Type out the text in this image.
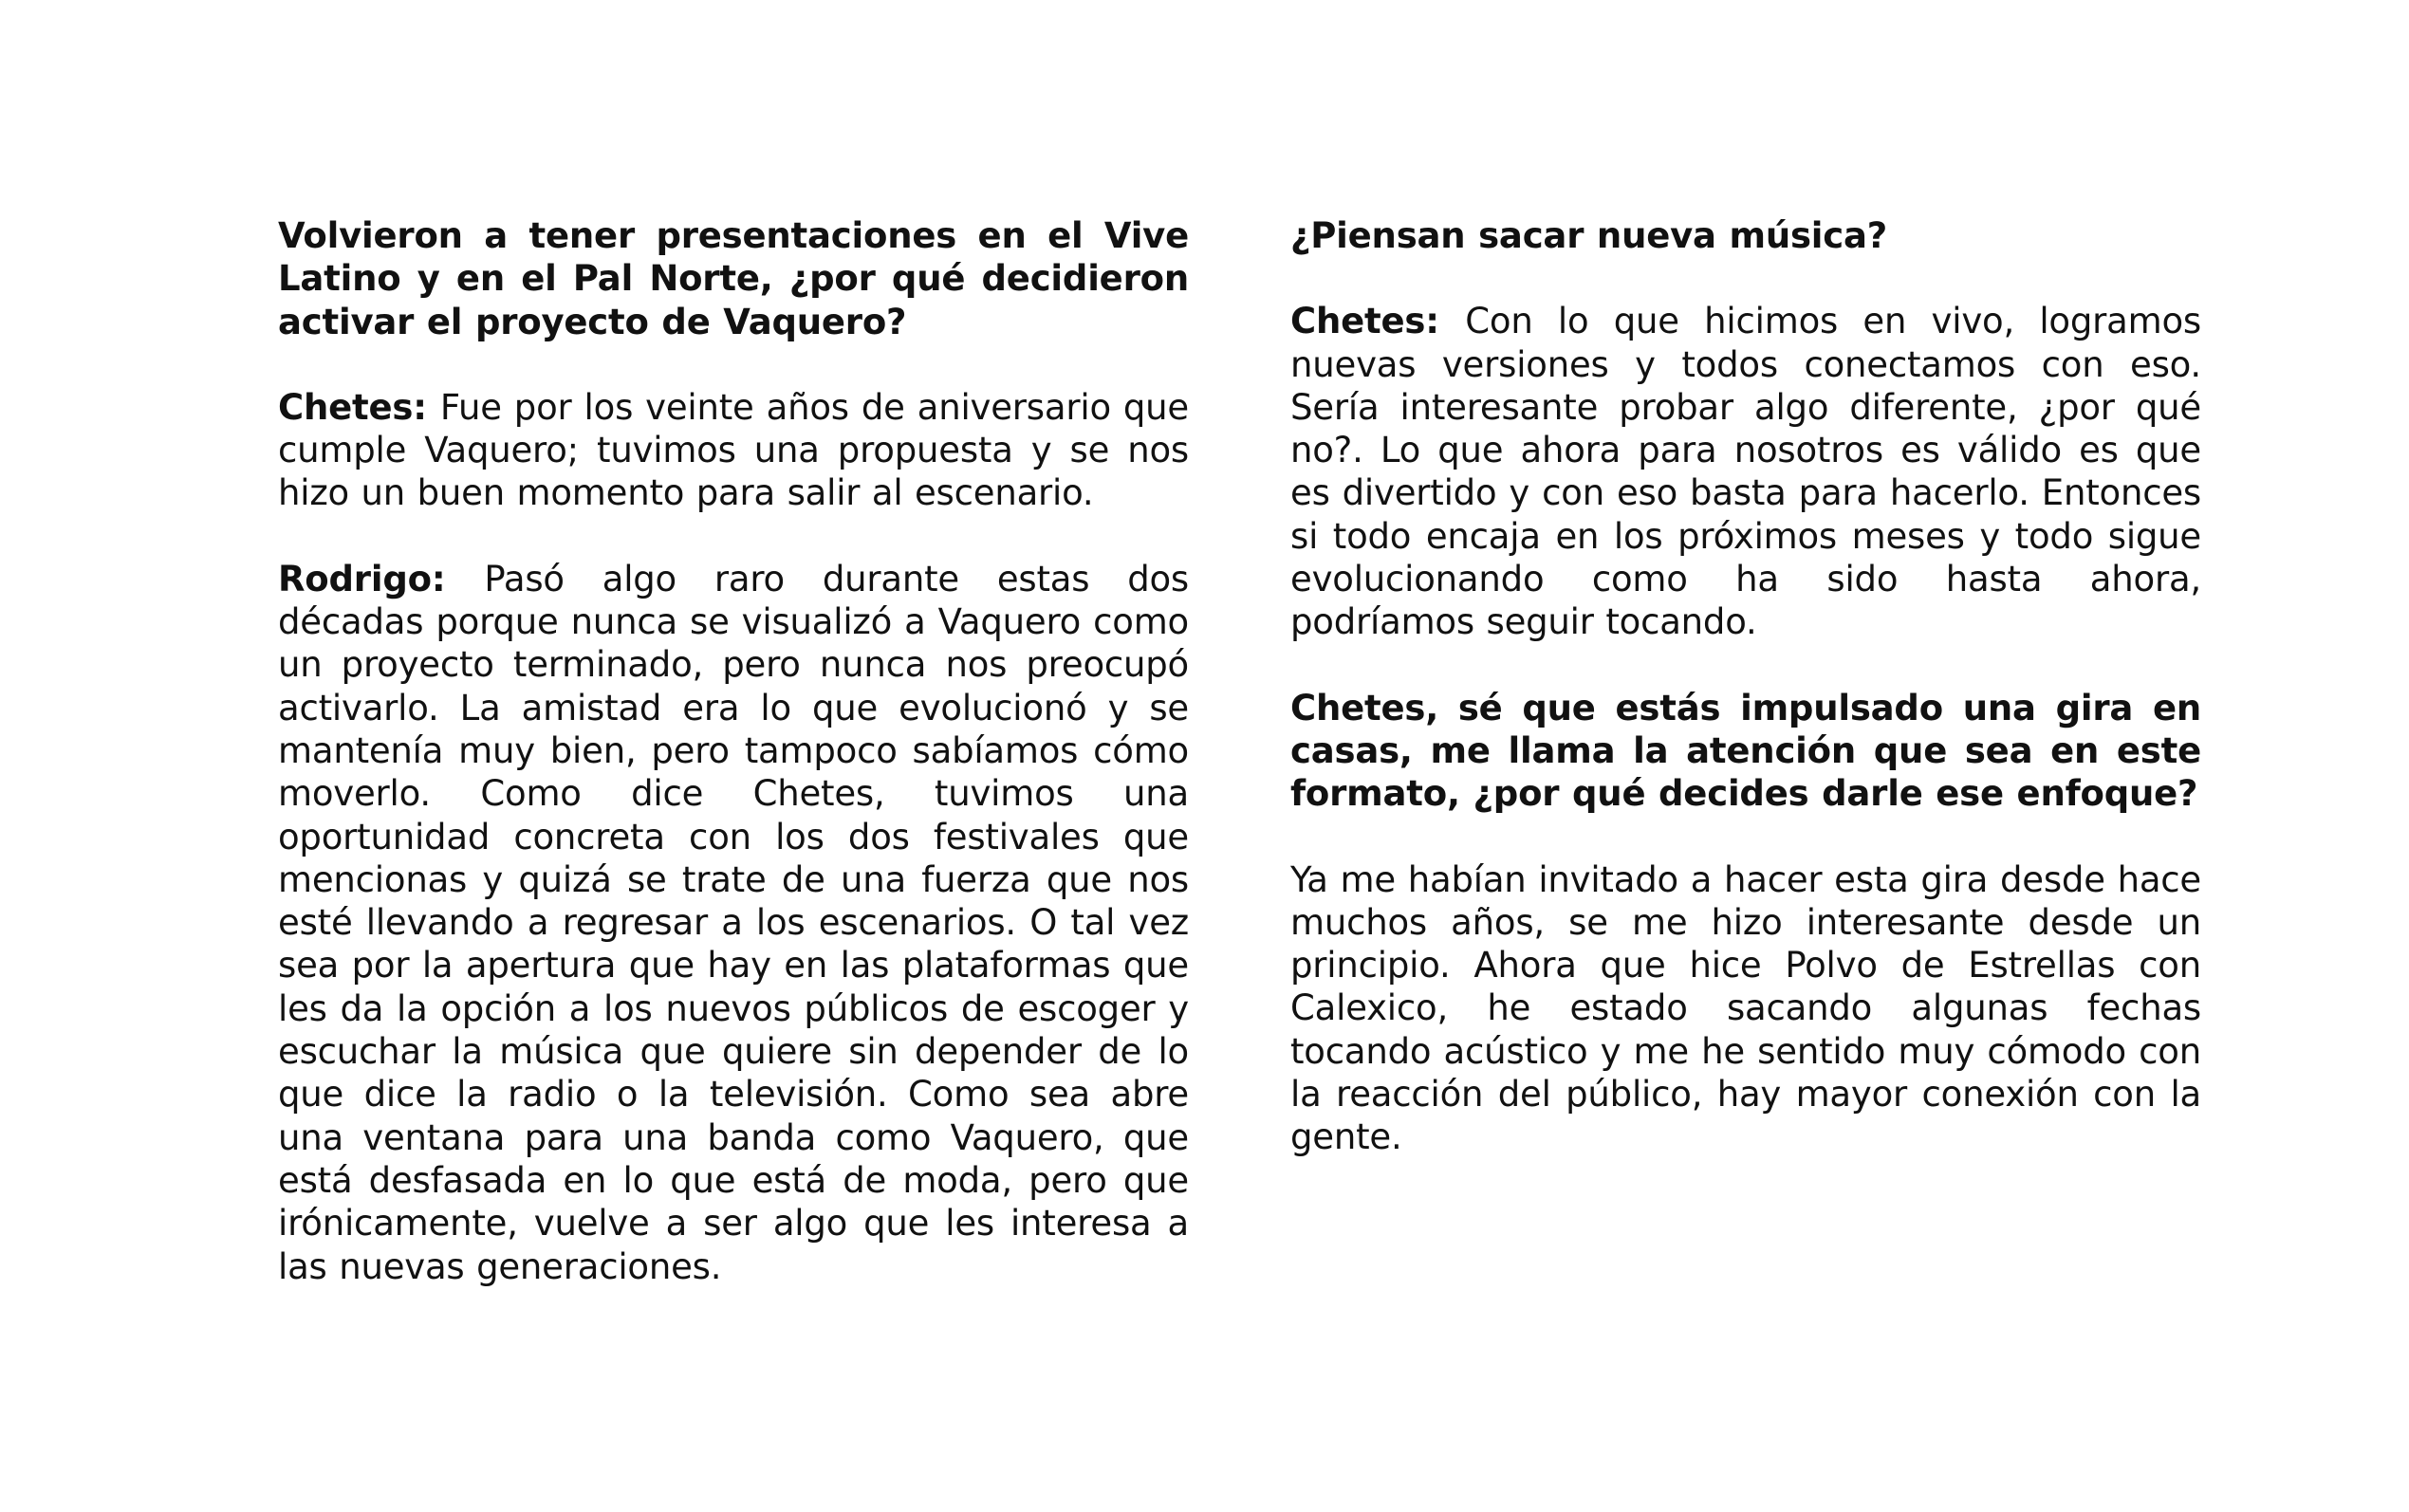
Volvieron a tener presentaciones en el Vive Latino y en el Pal Norte, ¿por qué decidieron activar el proyecto de Vaquero?

Chetes: Fue por los veinte años de aniversario que cumple Vaquero; tuvimos una propuesta y se nos hizo un buen momento para salir al escenario.

Rodrigo: Pasó algo raro durante estas dos décadas porque nunca se visualizó a Vaquero como un proyecto terminado, pero nunca nos preocupó activarlo. La amistad era lo que evolucionó y se mantenía muy bien, pero tampoco sabíamos cómo moverlo. Como dice Chetes, tuvimos una oportunidad concreta con los dos festivales que mencionas y quizá se trate de una fuerza que nos esté llevando a regresar a los escenarios. O tal vez sea por la apertura que hay en las plataformas que les da la opción a los nuevos públicos de escoger y escuchar la música que quiere sin depender de lo que dice la radio o la televisión. Como sea abre una ventana para una banda como Vaquero, que está desfasada en lo que está de moda, pero que irónicamente, vuelve a ser algo que les interesa a las nuevas generaciones.

¿Piensan sacar nueva música?

Chetes: Con lo que hicimos en vivo, logramos nuevas versiones y todos conectamos con eso. Sería interesante probar algo diferente, ¿por qué no?. Lo que ahora para nosotros es válido es que es divertido y con eso basta para hacerlo. Entonces si todo encaja en los próximos meses y todo sigue evolucionando como ha sido hasta ahora, podríamos seguir tocando.

Chetes, sé que estás impulsado una gira en casas, me llama la atención que sea en este formato, ¿por qué decides darle ese enfoque?

Ya me habían invitado a hacer esta gira desde hace muchos años, se me hizo interesante desde un principio. Ahora que hice Polvo de Estrellas con Calexico, he estado sacando algunas fechas tocando acústico y me he sentido muy cómodo con la reacción del público, hay mayor conexión con la gente.
